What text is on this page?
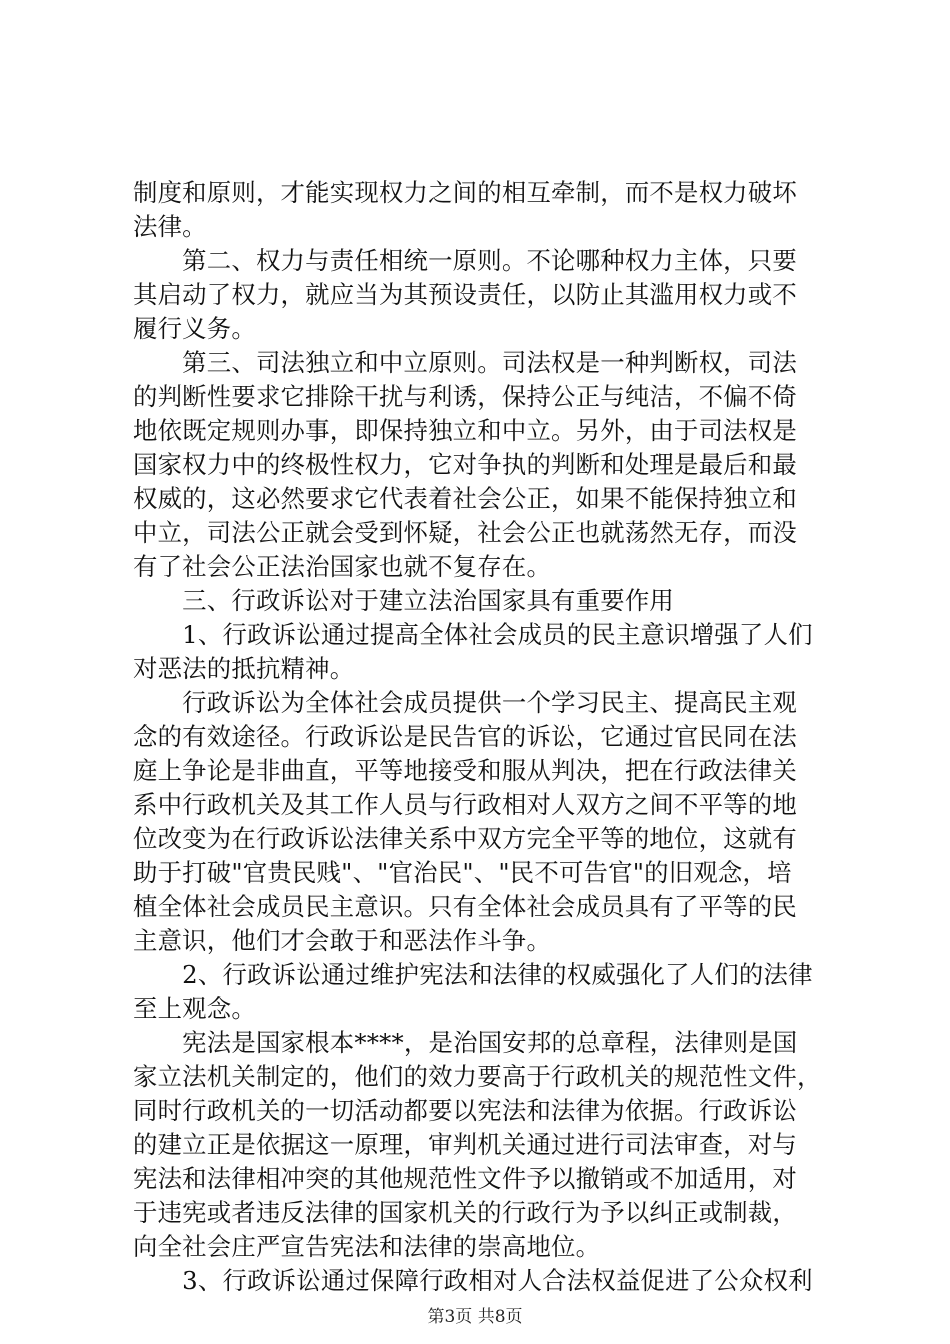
制度和原则，才能实现权力之间的相互牵制，而不是权力破坏
法律。
　　第二、权力与责任相统一原则。不论哪种权力主体，只要
其启动了权力，就应当为其预设责任，以防止其滥用权力或不
履行义务。
　　第三、司法独立和中立原则。司法权是一种判断权，司法
的判断性要求它排除干扰与利诱，保持公正与纯洁，不偏不倚
地依既定规则办事，即保持独立和中立。另外，由于司法权是
国家权力中的终极性权力，它对争执的判断和处理是最后和最
权威的，这必然要求它代表着社会公正，如果不能保持独立和
中立，司法公正就会受到怀疑，社会公正也就荡然无存，而没
有了社会公正法治国家也就不复存在。
　　三、行政诉讼对于建立法治国家具有重要作用
　　1、行政诉讼通过提高全体社会成员的民主意识增强了人们
对恶法的抵抗精神。
　　行政诉讼为全体社会成员提供一个学习民主、提高民主观
念的有效途径。行政诉讼是民告官的诉讼，它通过官民同在法
庭上争论是非曲直，平等地接受和服从判决，把在行政法律关
系中行政机关及其工作人员与行政相对人双方之间不平等的地
位改变为在行政诉讼法律关系中双方完全平等的地位，这就有
助于打破"官贵民贱"、"官治民"、"民不可告官"的旧观念，培
植全体社会成员民主意识。只有全体社会成员具有了平等的民
主意识，他们才会敢于和恶法作斗争。
　　2、行政诉讼通过维护宪法和法律的权威强化了人们的法律
至上观念。
　　宪法是国家根本****，是治国安邦的总章程，法律则是国
家立法机关制定的，他们的效力要高于行政机关的规范性文件，
同时行政机关的一切活动都要以宪法和法律为依据。行政诉讼
的建立正是依据这一原理，审判机关通过进行司法审查，对与
宪法和法律相冲突的其他规范性文件予以撤销或不加适用，对
于违宪或者违反法律的国家机关的行政行为予以纠正或制裁，
向全社会庄严宣告宪法和法律的崇高地位。
　　3、行政诉讼通过保障行政相对人合法权益促进了公众权利
第3页 共8页
